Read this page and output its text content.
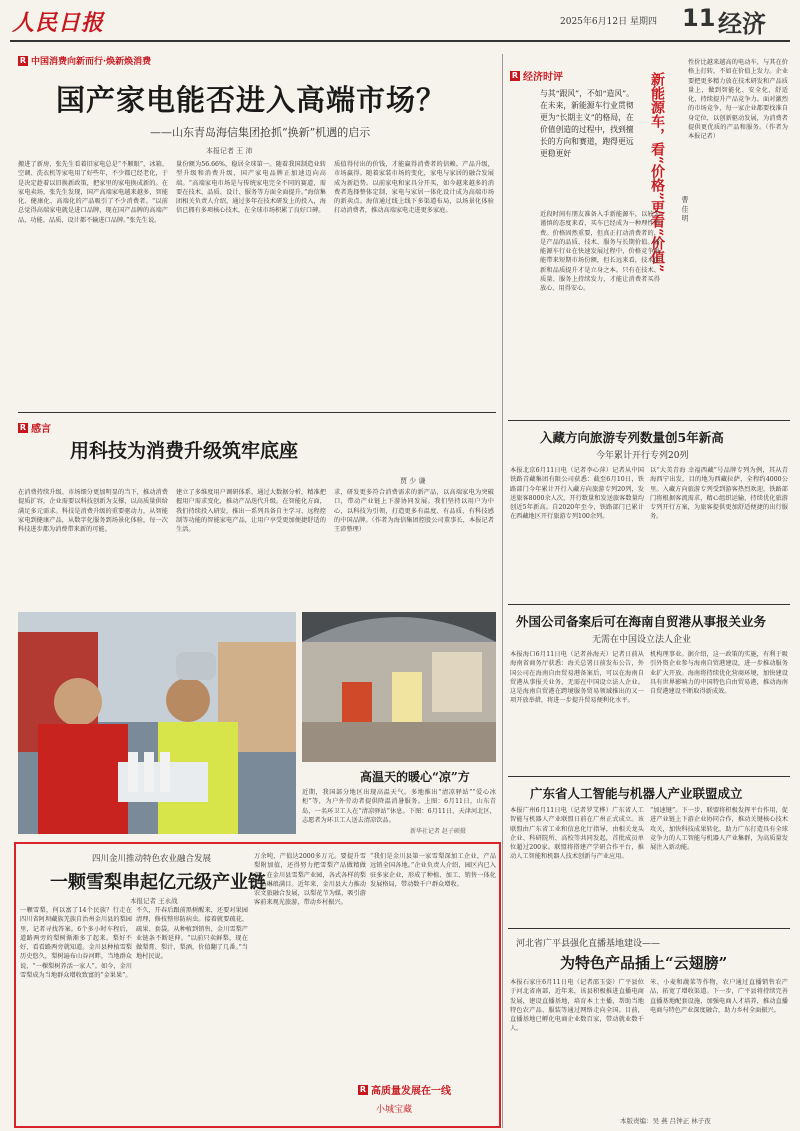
人民日报	2025年6月12日 星期四 11 经济
R 中国消费向新而行·焕新焕消费
国产家电能否进入高端市场？
——山东青岛海信集团抢抓“换新”机遇的启示
本报记者 王 沛
搬进了新房，张先生看着旧家电总是“不顺眼”，冰箱、空调、洗衣机等家电用了好些年，不少都已经老化，于是决定趁着以旧换新政策，把家里的家电换成新的。在家电卖场，张先生发现，国产高端家电越来越多，智能化、健康化、高端化的产品吸引了不少消费者。“以前总觉得高端家电就是进口品牌，现在国产品牌的高端产品，功能、品质、设计都不输进口品牌。”张先生说。
量份额为56.66%，稳居全球第一。随着我国制造业转型升级和消费升级，国产家电品牌正加速迈向高端。“高端家电市场是与传统家电完全不同的赛道，需要在技术、品质、设计、服务等方面全面提升。”海信集团相关负责人介绍，通过多年在技术研发上的投入，海信已拥有多项核心技术，在全球市场积累了良好口碑。
质值得付出的价钱，才能赢得消费者的信赖。产品升级，市场赢得。随着家装市场的变化，家电与家居的融合发展成为新趋势。以前家电和家具分开买，如今越来越多的消费者选择整体定制，家电与家居一体化设计成为高端市场的新卖点。海信通过线上线下多渠道布局，以场景化体验打动消费者，推动高端家电走进更多家庭。
R 经济时评
与其“跟风”，不如“造风”。在未来，新能源车行业贯彻更为“长期主义”的格局，在价值创造的过程中，找到擅长的方向和赛道，跑得更远更稳更好	新能源车，看“价格”更看“价值”	曹 佳 明
近段时间有朋友准备入手新能源车，以较为谨慎的态度来看，买车已经成为一种理性消费。价格固然重要，但真正打动消费者的，是产品的品质、技术、服务与长期价值。新能源车行业在快速发展过程中，价格竞争虽能带来短期市场份额，但长远来看，技术创新和品质提升才是立身之本。只有在技术、质量、服务上持续发力，才能让消费者买得放心、用得安心。
性价比越来越高的电动车，与其在价格上打转，不如在价值上发力。企业要把更多精力放在技术研发和产品质量上，做到智能化、安全化、舒适化，持续提升产品竞争力。面对激烈的市场竞争，每一家企业都要找准自身定位，以创新驱动发展，为消费者提供更优质的产品和服务。（作者为本报记者）
R 感言
用科技为消费升级筑牢底座
贾 少 谦
在消费持续升级、市场细分更加明显的当下，推动消费提质扩容，企业需要以科技创新为支撑，以高质量供给满足多元需求。科技是消费升级的重要驱动力，从智能家电到健康产品，从数字化服务到场景化体验，每一次科技进步都为消费带来新的可能。
建立了多维度用户调研体系，通过大数据分析，精准把握用户需求变化，推动产品迭代升级。在智能化方面，我们持续投入研发，推出一系列具备自主学习、远程控制等功能的智能家电产品，让用户享受更加便捷舒适的生活。
求，研发更多符合消费需求的新产品，以高端家电为突破口，带动产业链上下游协同发展。我们坚持以用户为中心，以科技为引领，打造更多有温度、有品质、有科技感的中国品牌。（作者为海信集团控股公司董事长，本报记者王沛整理）
高温天的暖心“凉”方
近期，我国部分地区出现高温天气。多地推出“清凉驿站”“爱心冰柜”等，为户外劳动者提供降温消暑服务。上图：6月11日，山东青岛，一名环卫工人在“清凉驿站”休息。下图：6月11日，天津河北区，志愿者为环卫工人送去清凉饮品。
新华社记者 赵子硕摄
四川金川推动特色农业融合发展
一颗雪梨串起亿元级产业链
本报记者 王永战
一颗雪梨，何以富了14个民族？行走在四川省阿坝藏族羌族自治州金川县的梨园里，记者寻找答案。6个多小时车程后，道路两旁的梨树渐渐多了起来。梨好不好，看看路两旁就知道。金川县种植雪梨历史悠久，梨树遍布山谷河畔，当地群众说，“一棵梨树养活一家人”。如今，金川雪梨成为当地群众增收致富的“金果果”。
不久，开春后跟前黑树醒来，还要对果园清理，修枝整形防病虫。接着就要疏花、疏果、套袋。从种植到销售，金川雪梨产业链条不断延伸。“以前只卖鲜梨，现在做梨膏、梨汁、梨酒，价值翻了几番。”当地村民说。
万余吨，产值达2000多万元。要提升雪梨附加值，还得努力把雪梨产品做精做深。在金川县雪梨产业园，各式各样的梨产品琳琅满目。近年来，金川县大力推动农文旅融合发展，以梨花节为媒，吸引游客前来观光旅游，带动乡村振兴。
“我们是金川县第一家雪梨深加工企业，产品远销全国各地。”企业负责人介绍，园区内已入驻多家企业，形成了种植、加工、销售一体化发展格局，带动数千户群众增收。
R 高质量发展在一线
小城宝藏
入藏方向旅游专列数量创5年新高
今年累计开行专列20列
本报北京6月11日电（记者李心萍）记者从中国铁路青藏集团有限公司获悉：截至6月10日，铁路部门今年累计开行入藏方向旅游专列20列，发送旅客8000余人次，开行数量和发送旅客数量均创近5年新高。自2020年至今，铁路部门已累计在西藏地区开行旅游专列100余列。
以“大美青海 幸福西藏”号品牌专列为例，其从青海西宁出发，目的地为西藏拉萨，全程约4000公里。入藏方向旅游专列受到游客热烈欢迎，铁路部门将根据客流需求，精心组织运输，持续优化旅游专列开行方案，为旅客提供更加舒适便捷的出行服务。
外国公司备案后可在海南自贸港从事报关业务
无需在中国设立法人企业
本报海口6月11日电（记者孙海天）记者日前从海南省商务厅获悉：海关总署日前发布公告，外国公司在海南自由贸易港备案后，可以在海南自贸港从事报关业务，无需在中国设立法人企业。这是海南自贸港在跨境服务贸易领域推出的又一项开放举措，将进一步提升贸易便利化水平。
机构理事业。据介绍，这一政策的实施，有利于吸引外资企业参与海南自贸港建设，进一步推动服务业扩大开放。海南将持续优化营商环境，加快建设具有世界影响力的中国特色自由贸易港，推动海南自贸港建设不断取得新成效。
广东省人工智能与机器人产业联盟成立
本报广州6月11日电（记者罗艾桦）广东省人工智能与机器人产业联盟日前在广州正式成立。该联盟由广东省工业和信息化厅指导，由相关龙头企业、科研院所、高校等共同发起，首批成员单位超过200家。联盟将搭建产学研合作平台，推动人工智能和机器人技术创新与产业应用。
“加速键”。下一步，联盟将积极发挥平台作用，促进产业链上下游企业协同合作，推动关键核心技术攻关，加快科技成果转化，助力广东打造具有全球竞争力的人工智能与机器人产业集群，为高质量发展注入新动能。
河北省广平县强化直播基地建设——
为特色产品插上“云翅膀”
本报石家庄6月11日电（记者邵玉姿）广平县位于河北省南部，近年来，该县积极推进直播电商发展，建设直播基地，培育本土主播，帮助当地特色农产品、服装等通过网络走向全国。目前，直播基地已孵化电商企业数百家，带动就业数千人。
米、小麦和蔬菜等作物，农户通过直播销售农产品，拓宽了增收渠道。下一步，广平县将持续完善直播基地配套设施，加强电商人才培养，推动直播电商与特色产业深度融合，助力乡村全面振兴。
本版责编：吴 燕 吕钟正 林子夜
